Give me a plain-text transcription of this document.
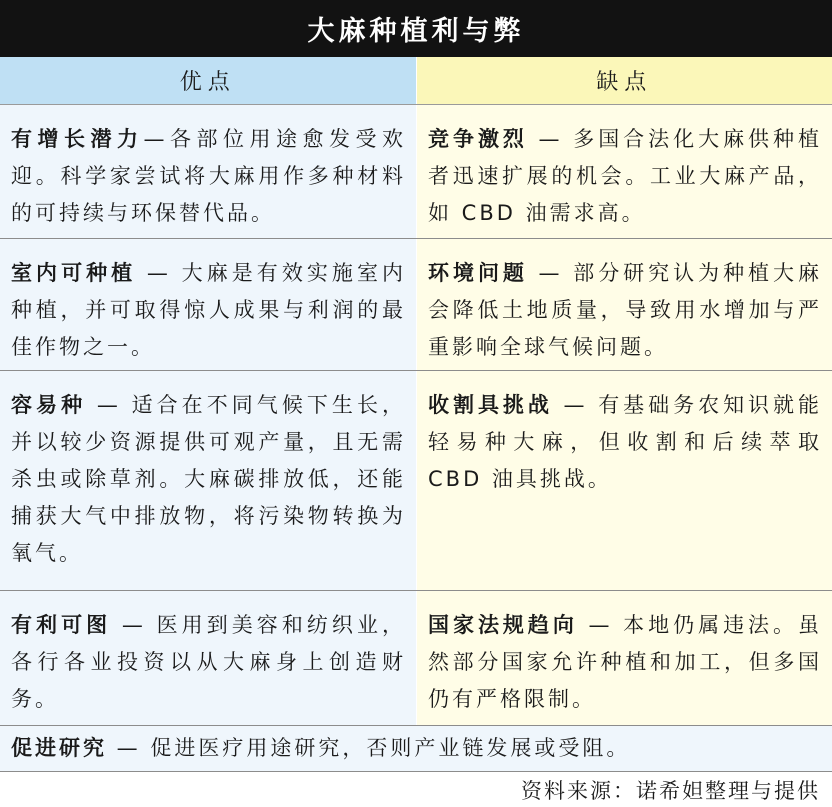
大麻种植利与弊
优点	缺点
有增长潜力—各部位用途愈发受欢迎。科学家尝试将大麻用作多种材料的可持续与环保替代品。
竞争激烈 — 多国合法化大麻供种植者迅速扩展的机会。工业大麻产品，如 CBD 油需求高。
室内可种植 — 大麻是有效实施室内种植，并可取得惊人成果与利润的最佳作物之一。
环境问题 — 部分研究认为种植大麻会降低土地质量，导致用水增加与严重影响全球气候问题。
容易种 — 适合在不同气候下生长，并以较少资源提供可观产量，且无需杀虫或除草剂。大麻碳排放低，还能捕获大气中排放物，将污染物转换为氧气。
收割具挑战 — 有基础务农知识就能轻易种大麻，但收割和后续萃取 CBD 油具挑战。
有利可图 — 医用到美容和纺织业，各行各业投资以从大麻身上创造财务。
国家法规趋向 — 本地仍属违法。虽然部分国家允许种植和加工，但多国仍有严格限制。
促进研究 — 促进医疗用途研究，否则产业链发展或受阻。
资料来源：诺希妲整理与提供
